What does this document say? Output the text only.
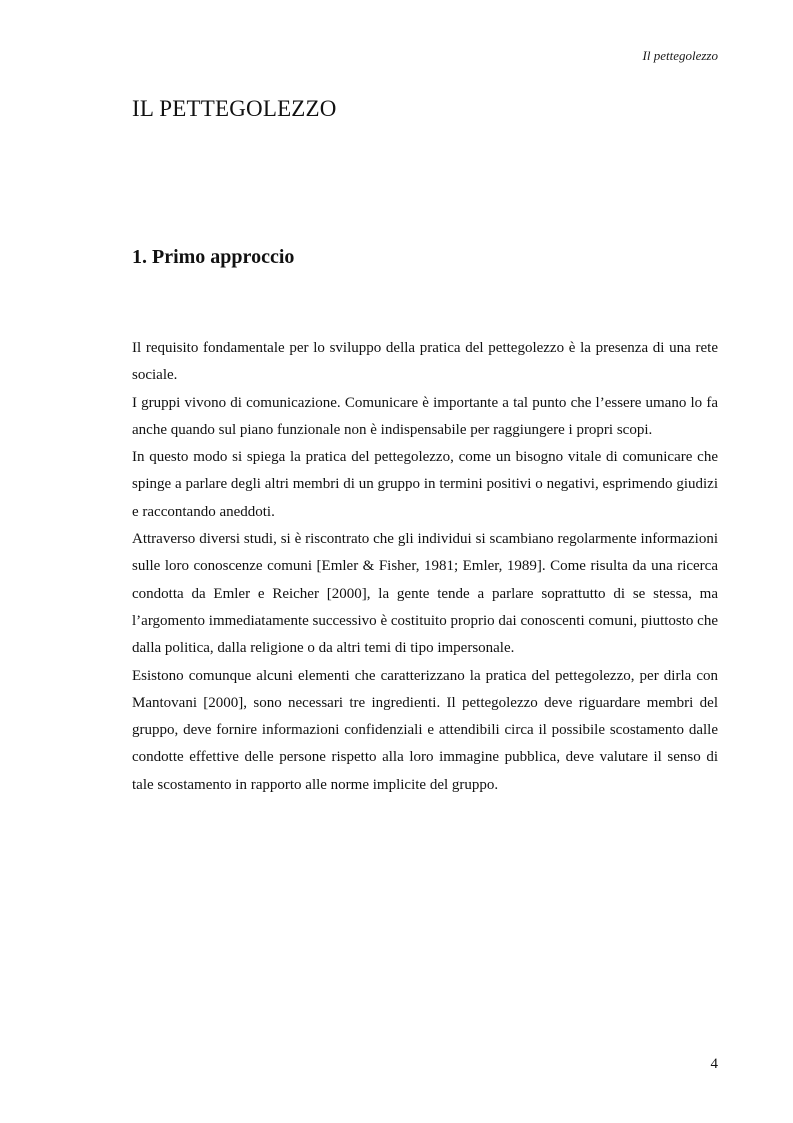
Il pettegolezzo
IL PETTEGOLEZZO
1. Primo approccio

Il requisito fondamentale per lo sviluppo della pratica del pettegolezzo è la presenza di una rete sociale.

I gruppi vivono di comunicazione. Comunicare è importante a tal punto che l’essere umano lo fa anche quando sul piano funzionale non è indispensabile per raggiungere i propri scopi.

In questo modo si spiega la pratica del pettegolezzo, come un bisogno vitale di comunicare che spinge a parlare degli altri membri di un gruppo in termini positivi o negativi, esprimendo giudizi e raccontando aneddoti.

Attraverso diversi studi, si è riscontrato che gli individui si scambiano regolarmente informazioni sulle loro conoscenze comuni [Emler & Fisher, 1981; Emler, 1989]. Come risulta da una ricerca condotta da Emler e Reicher [2000], la gente tende a parlare soprattutto di se stessa, ma l’argomento immediatamente successivo è costituito proprio dai conoscenti comuni, piuttosto che dalla politica, dalla religione o da altri temi di tipo impersonale.

Esistono comunque alcuni elementi che caratterizzano la pratica del pettegolezzo, per dirla con Mantovani [2000], sono necessari tre ingredienti. Il pettegolezzo deve riguardare membri del gruppo, deve fornire informazioni confidenziali e attendibili circa il possibile scostamento dalle condotte effettive delle persone rispetto alla loro immagine pubblica, deve valutare il senso di tale scostamento in rapporto alle norme implicite del gruppo.

4
